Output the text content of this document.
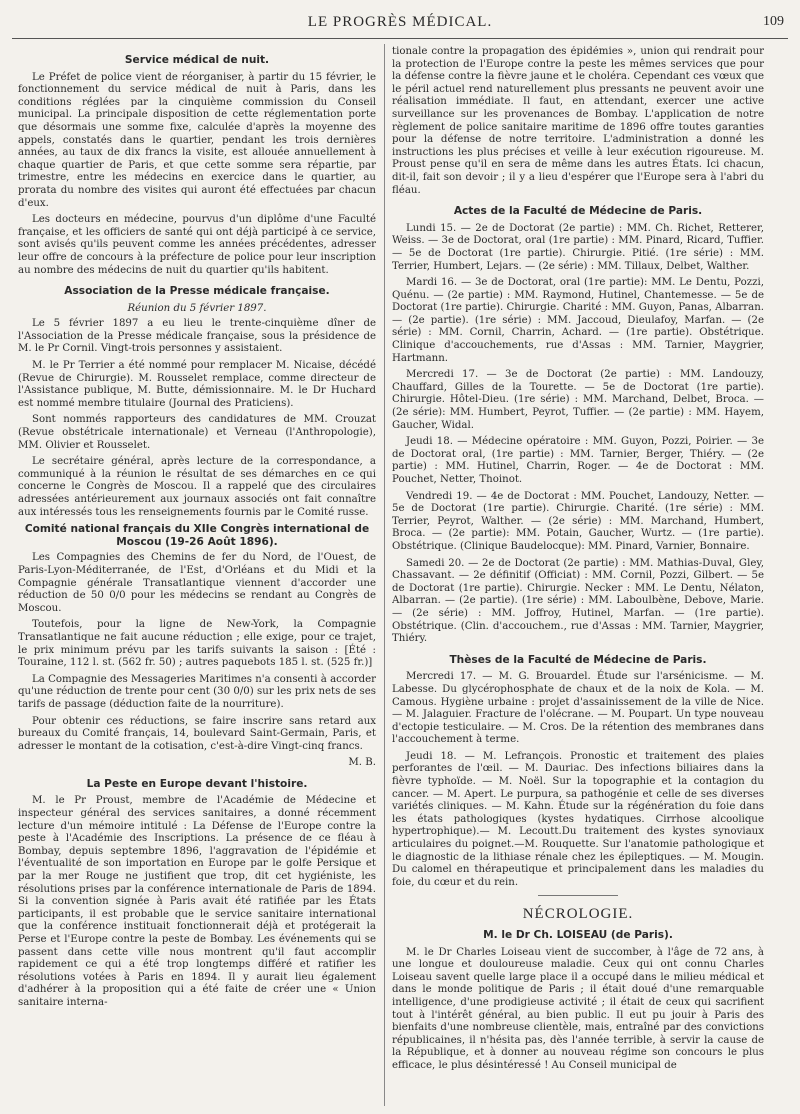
LE PROGRÈS MÉDICAL.	109
Service médical de nuit.

Le Préfet de police vient de réorganiser, à partir du 15 février, le fonctionnement du service médical de nuit à Paris, dans les conditions réglées par la cinquième commission du Conseil municipal. La principale disposition de cette réglementation porte que désormais une somme fixe, calculée d'après la moyenne des appels, constatés dans le quartier, pendant les trois dernières années, au taux de dix francs la visite, est allouée annuellement à chaque quartier de Paris, et que cette somme sera répartie, par trimestre, entre les médecins en exercice dans le quartier, au prorata du nombre des visites qui auront été effectuées par chacun d'eux.

Les docteurs en médecine, pourvus d'un diplôme d'une Faculté française, et les officiers de santé qui ont déjà participé à ce service, sont avisés qu'ils peuvent comme les années précédentes, adresser leur offre de concours à la préfecture de police pour leur inscription au nombre des médecins de nuit du quartier qu'ils habitent.

Association de la Presse médicale française.

Réunion du 5 février 1897.

Le 5 février 1897 a eu lieu le trente-cinquième dîner de l'Association de la Presse médicale française, sous la présidence de M. le Pr Cornil. Vingt-trois personnes y assistaient.

M. le Pr Terrier a été nommé pour remplacer M. Nicaise, décédé (Revue de Chirurgie). M. Rousselet remplace, comme directeur de l'Assistance publique, M. Butte, démissionnaire. M. le Dr Huchard est nommé membre titulaire (Journal des Praticiens).

Sont nommés rapporteurs des candidatures de MM. Crouzat (Revue obstétricale internationale) et Verneau (l'Anthropologie), MM. Olivier et Rousselet.

Le secrétaire général, après lecture de la correspondance, a communiqué à la réunion le résultat de ses démarches en ce qui concerne le Congrès de Moscou. Il a rappelé que des circulaires adressées antérieurement aux journaux associés ont fait connaître aux intéressés tous les renseignements fournis par le Comité russe.

Comité national français du XIIe Congrès international de Moscou (19-26 Août 1896).

Les Compagnies des Chemins de fer du Nord, de l'Ouest, de Paris-Lyon-Méditerranée, de l'Est, d'Orléans et du Midi et la Compagnie générale Transatlantique viennent d'accorder une réduction de 50 0/0 pour les médecins se rendant au Congrès de Moscou.

Toutefois, pour la ligne de New-York, la Compagnie Transatlantique ne fait aucune réduction ; elle exige, pour ce trajet, le prix minimum prévu par les tarifs suivants la saison : [Été : Touraine, 112 l. st. (562 fr. 50) ; autres paquebots 185 l. st. (525 fr.)]

La Compagnie des Messageries Maritimes n'a consenti à accorder qu'une réduction de trente pour cent (30 0/0) sur les prix nets de ses tarifs de passage (déduction faite de la nourriture).

Pour obtenir ces réductions, se faire inscrire sans retard aux bureaux du Comité français, 14, boulevard Saint-Germain, Paris, et adresser le montant de la cotisation, c'est-à-dire Vingt-cinq francs.

M. B.

La Peste en Europe devant l'histoire.

M. le Pr Proust, membre de l'Académie de Médecine et inspecteur général des services sanitaires, a donné récemment lecture d'un mémoire intitulé : La Défense de l'Europe contre la peste à l'Académie des Inscriptions. La présence de ce fléau à Bombay, depuis septembre 1896, l'aggravation de l'épidémie et l'éventualité de son importation en Europe par le golfe Persique et par la mer Rouge ne justifient que trop, dit cet hygiéniste, les résolutions prises par la conférence internationale de Paris de 1894. Si la convention signée à Paris avait été ratifiée par les États participants, il est probable que le service sanitaire international que la conférence instituait fonctionnerait déjà et protégerait la Perse et l'Europe contre la peste de Bombay. Les événements qui se passent dans cette ville nous montrent qu'il faut accomplir rapidement ce qui a été trop longtemps différé et ratifier les résolutions votées à Paris en 1894. Il y aurait lieu également d'adhérer à la proposition qui a été faite de créer une « Union sanitaire interna-

tionale contre la propagation des épidémies », union qui rendrait pour la protection de l'Europe contre la peste les mêmes services que pour la défense contre la fièvre jaune et le choléra. Cependant ces vœux que le péril actuel rend naturellement plus pressants ne peuvent avoir une réalisation immédiate. Il faut, en attendant, exercer une active surveillance sur les provenances de Bombay. L'application de notre règlement de police sanitaire maritime de 1896 offre toutes garanties pour la défense de notre territoire. L'administration a donné les instructions les plus précises et veille à leur exécution rigoureuse. M. Proust pense qu'il en sera de même dans les autres États. Ici chacun, dit-il, fait son devoir ; il y a lieu d'espérer que l'Europe sera à l'abri du fléau.

Actes de la Faculté de Médecine de Paris.

Lundi 15. — 2e de Doctorat (2e partie) : MM. Ch. Richet, Retterer, Weiss. — 3e de Doctorat, oral (1re partie) : MM. Pinard, Ricard, Tuffier. — 5e de Doctorat (1re partie). Chirurgie. Pitié. (1re série) : MM. Terrier, Humbert, Lejars. — (2e série) : MM. Tillaux, Delbet, Walther.

Mardi 16. — 3e de Doctorat, oral (1re partie): MM. Le Dentu, Pozzi, Quénu. — (2e partie) : MM. Raymond, Hutinel, Chantemesse. — 5e de Doctorat (1re partie). Chirurgie. Charité : MM. Guyon, Panas, Albarran. — (2e partie). (1re série) : MM. Jaccoud, Dieulafoy, Marfan. — (2e série) : MM. Cornil, Charrin, Achard. — (1re partie). Obstétrique. Clinique d'accouchements, rue d'Assas : MM. Tarnier, Maygrier, Hartmann.

Mercredi 17. — 3e de Doctorat (2e partie) : MM. Landouzy, Chauffard, Gilles de la Tourette. — 5e de Doctorat (1re partie). Chirurgie. Hôtel-Dieu. (1re série) : MM. Marchand, Delbet, Broca. — (2e série): MM. Humbert, Peyrot, Tuffier. — (2e partie) : MM. Hayem, Gaucher, Widal.

Jeudi 18. — Médecine opératoire : MM. Guyon, Pozzi, Poirier. — 3e de Doctorat oral, (1re partie) : MM. Tarnier, Berger, Thiéry. — (2e partie) : MM. Hutinel, Charrin, Roger. — 4e de Doctorat : MM. Pouchet, Netter, Thoinot.

Vendredi 19. — 4e de Doctorat : MM. Pouchet, Landouzy, Netter. — 5e de Doctorat (1re partie). Chirurgie. Charité. (1re série) : MM. Terrier, Peyrot, Walther. — (2e série) : MM. Marchand, Humbert, Broca. — (2e partie): MM. Potain, Gaucher, Wurtz. — (1re partie). Obstétrique. (Clinique Baudelocque): MM. Pinard, Varnier, Bonnaire.

Samedi 20. — 2e de Doctorat (2e partie) : MM. Mathias-Duval, Gley, Chassavant. — 2e définitif (Officiat) : MM. Cornil, Pozzi, Gilbert. — 5e de Doctorat (1re partie). Chirurgie. Necker : MM. Le Dentu, Nélaton, Albarran. — (2e partie). (1re série) : MM. Laboulbène, Debove, Marie. — (2e série) : MM. Joffroy, Hutinel, Marfan. — (1re partie). Obstétrique. (Clin. d'accouchem., rue d'Assas : MM. Tarnier, Maygrier, Thiéry.

Thèses de la Faculté de Médecine de Paris.

Mercredi 17. — M. G. Brouardel. Étude sur l'arsénicisme. — M. Labesse. Du glycérophosphate de chaux et de la noix de Kola. — M. Camous. Hygiène urbaine : projet d'assainissement de la ville de Nice. — M. Jalaguier. Fracture de l'olécrane. — M. Poupart. Un type nouveau d'ectopie testiculaire. — M. Cros. De la rétention des membranes dans l'accouchement à terme.

Jeudi 18. — M. Lefrançois. Pronostic et traitement des plaies perforantes de l'œil. — M. Dauriac. Des infections biliaires dans la fièvre typhoïde. — M. Noël. Sur la topographie et la contagion du cancer. — M. Apert. Le purpura, sa pathogénie et celle de ses diverses variétés cliniques. — M. Kahn. Étude sur la régénération du foie dans les états pathologiques (kystes hydatiques. Cirrhose alcoolique hypertrophique).— M. Lecoutt.Du traitement des kystes synoviaux articulaires du poignet.—M. Rouquette. Sur l'anatomie pathologique et le diagnostic de la lithiase rénale chez les épileptiques. — M. Mougin. Du calomel en thérapeutique et principalement dans les maladies du foie, du cœur et du rein.

NÉCROLOGIE.
M. le Dr Ch. LOISEAU (de Paris).

M. le Dr Charles Loiseau vient de succomber, à l'âge de 72 ans, à une longue et douloureuse maladie. Ceux qui ont connu Charles Loiseau savent quelle large place il a occupé dans le milieu médical et dans le monde politique de Paris ; il était doué d'une remarquable intelligence, d'une prodigieuse activité ; il était de ceux qui sacrifient tout à l'intérêt général, au bien public. Il eut pu jouir à Paris des bienfaits d'une nombreuse clientèle, mais, entraîné par des convictions républicaines, il n'hésita pas, dès l'année terrible, à servir la cause de la République, et à donner au nouveau régime son concours le plus efficace, le plus désintéressé ! Au Conseil municipal de
